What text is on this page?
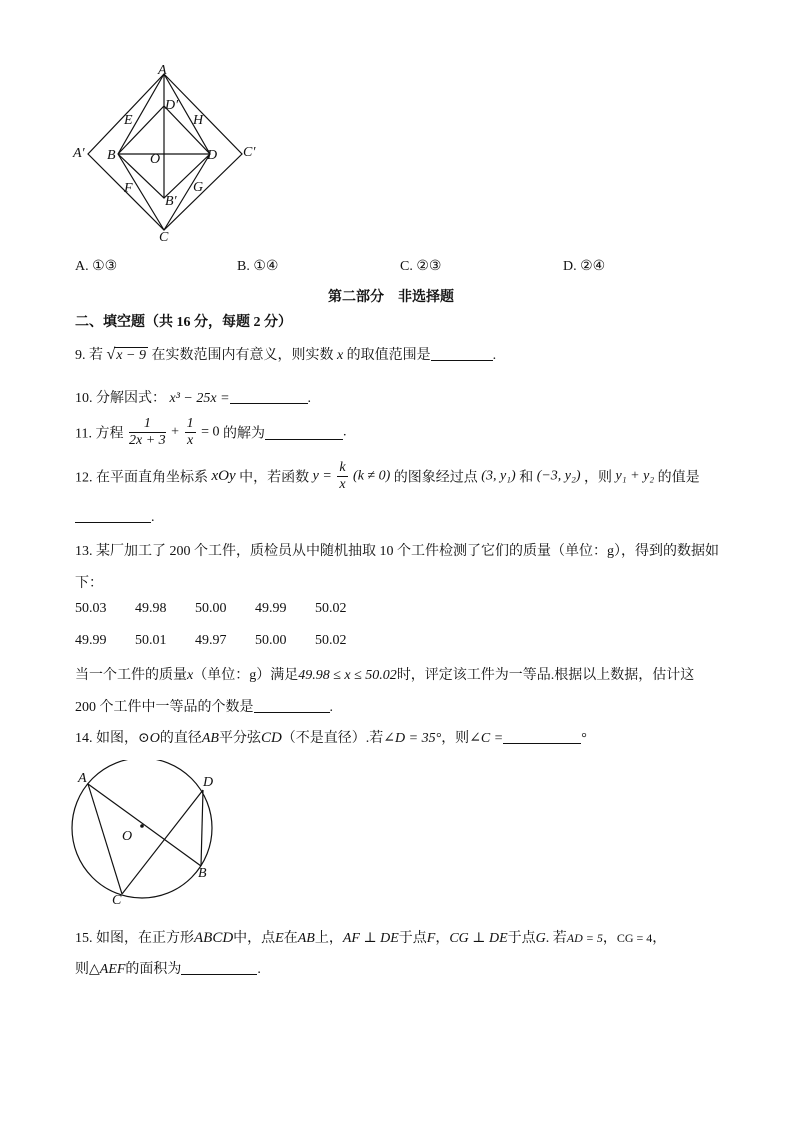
A
D′
E	H
A′ B O	D C′
F	G
B′
C
A. ①③	B. ①④	C. ②③	D. ②④
第二部分　非选择题
二、填空题（共 16 分，每题 2 分）
9. 若 √x − 9 在实数范围内有意义，则实数 x 的取值范围是	.
10. 分解因式： x³ − 25x =	.
11. 方程 $\frac{1}{2x + 3} + \frac{1}{x} = 0$ 的解为	.
12. 在平面直角坐标系 xOy 中，若函数 $y = \frac{k}{x} (k \ne 0)$ 的图象经过点 (3, y₁) 和 (−3, y₂) ，则 y₁ + y₂ 的值是
.
13. 某厂加工了 200 个工件，质检员从中随机抽取 10 个工件检测了它们的质量（单位：g），得到的数据如
下：
50.03 49.98 50.00 49.99 50.02
49.99 50.01 49.97 50.00 50.02
当一个工件的质量x（单位：g）满足49.98 ≤ x ≤ 50.02时，评定该工件为一等品.根据以上数据，估计这
200 个工件中一等品的个数是	.
14. 如图，⊙O的直径AB平分弦CD（不是直径）.若∠D = 35°，则∠C =	°
A	D
O
B
C
15. 如图，在正方形ABCD中，点E在AB上，AF ⊥ DE于点F，CG ⊥ DE于点G. 若AD = 5，CG = 4，
则△AEF的面积为	.
